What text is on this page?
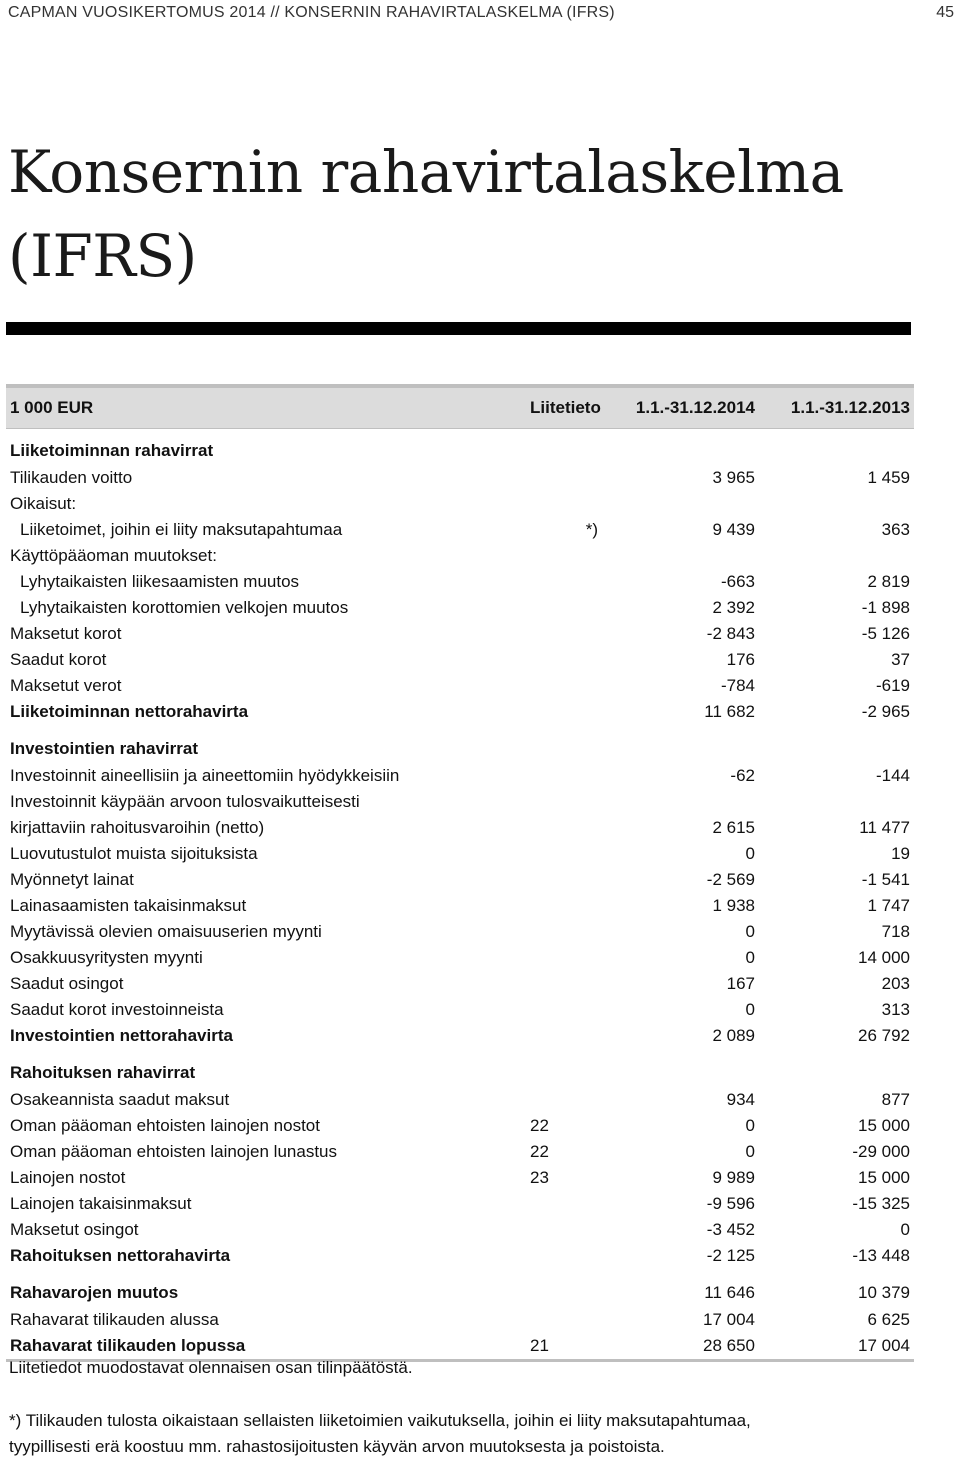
CAPMAN VUOSIKERTOMUS 2014 // KONSERNIN RAHAVIRTALASKELMA (IFRS)	45
Konsernin rahavirtalaskelma
(IFRS)
1 000 EUR	Liitetieto	1.1.-31.12.2014	1.1.-31.12.2013
Liiketoiminnan rahavirrat			
Tilikauden voitto		3 965	1 459
Oikaisut:			
Liiketoimet, joihin ei liity maksutapahtumaa	*)	9 439	363
Käyttöpääoman muutokset:			
Lyhytaikaisten liikesaamisten muutos		-663	2 819
Lyhytaikaisten korottomien velkojen muutos		2 392	-1 898
Maksetut korot		-2 843	-5 126
Saadut korot		176	37
Maksetut verot		-784	-619
Liiketoiminnan nettorahavirta		11 682	-2 965
Investointien rahavirrat			
Investoinnit aineellisiin ja aineettomiin hyödykkeisiin		-62	-144
Investoinnit käypään arvoon tulosvaikutteisesti			
kirjattaviin rahoitusvaroihin (netto)		2 615	11 477
Luovutustulot muista sijoituksista		0	19
Myönnetyt lainat		-2 569	-1 541
Lainasaamisten takaisinmaksut		1 938	1 747
Myytävissä olevien omaisuuserien myynti		0	718
Osakkuusyritysten myynti		0	14 000
Saadut osingot		167	203
Saadut korot investoinneista		0	313
Investointien nettorahavirta		2 089	26 792
Rahoituksen rahavirrat			
Osakeannista saadut maksut		934	877
Oman pääoman ehtoisten lainojen nostot	22	0	15 000
Oman pääoman ehtoisten lainojen lunastus	22	0	-29 000
Lainojen nostot	23	9 989	15 000
Lainojen takaisinmaksut		-9 596	-15 325
Maksetut osingot		-3 452	0
Rahoituksen nettorahavirta		-2 125	-13 448
Rahavarojen muutos		11 646	10 379
Rahavarat tilikauden alussa		17 004	6 625
Rahavarat tilikauden lopussa	21	28 650	17 004
Liitetiedot muodostavat olennaisen osan tilinpäätöstä.
*) Tilikauden tulosta oikaistaan sellaisten liiketoimien vaikutuksella, joihin ei liity maksutapahtumaa,
tyypillisesti erä koostuu mm. rahastosijoitusten käyvän arvon muutoksesta ja poistoista.
